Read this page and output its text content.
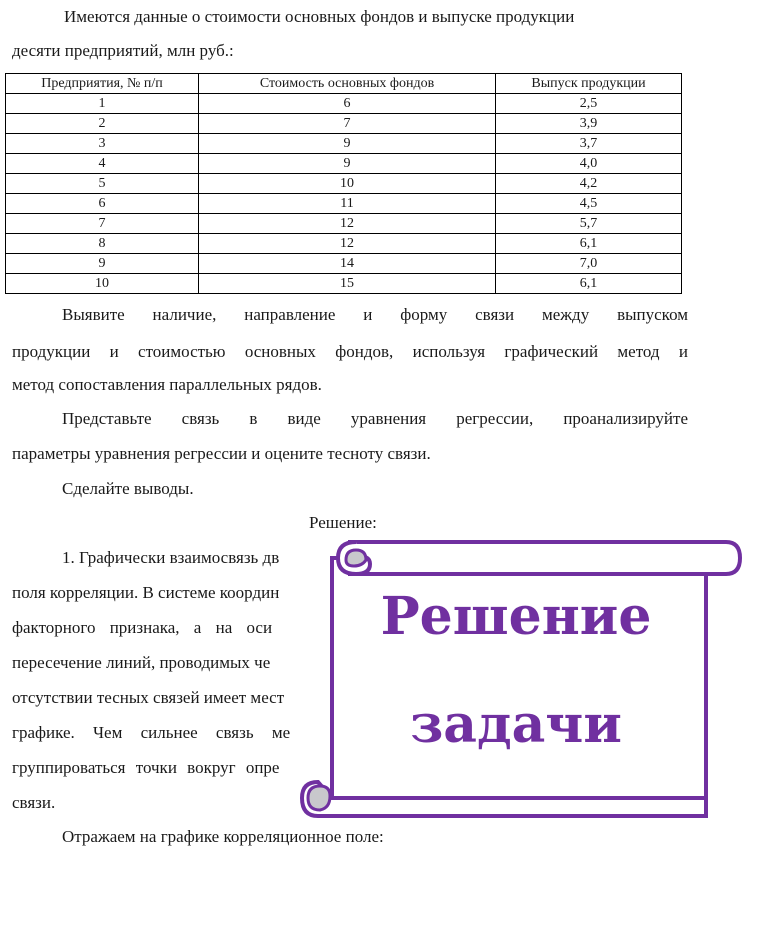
Имеются данные о стоимости основных фондов и выпуске продукции
десяти предприятий, млн руб.:
Предприятия, № п/п	Стоимость основных фондов	Выпуск продукции
1	6	2,5
2	7	3,9
3	9	3,7
4	9	4,0
5	10	4,2
6	11	4,5
7	12	5,7
8	12	6,1
9	14	7,0
10	15	6,1
Выявите наличие, направление и форму связи между выпуском
продукции и стоимостью основных фондов, используя графический метод и
метод сопоставления параллельных рядов.
Представьте связь в виде уравнения регрессии, проанализируйте
параметры уравнения регрессии и оцените тесноту связи.
Сделайте выводы.
Решение:
1. Графически взаимосвязь дв
поля корреляции. В системе координ
факторного признака, а на оси
пересечение линий, проводимых че
отсутствии тесных связей имеет мест
графике. Чем сильнее связь ме
группироваться точки вокруг опре
связи.
Отражаем на графике корреляционное поле:
Решение
задачи
